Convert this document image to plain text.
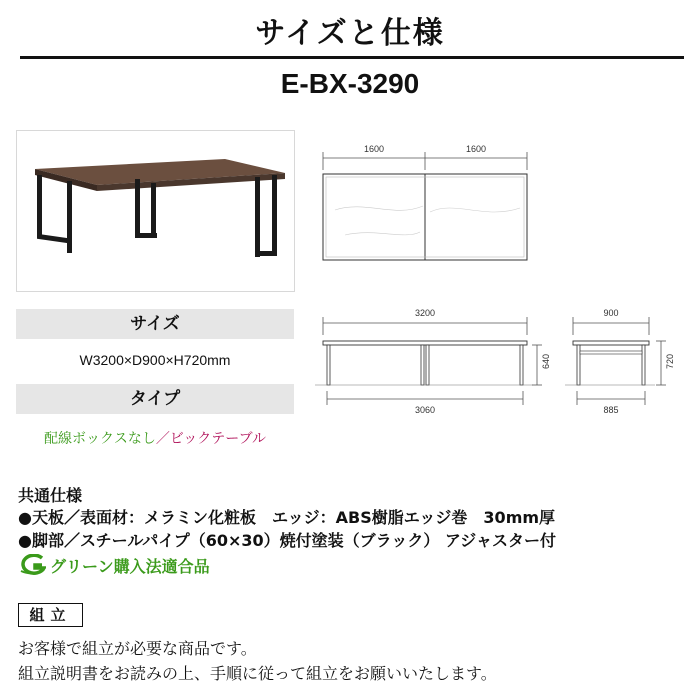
サイズと仕様
E-BX-3290
1600	1600
3200
640
3060
900
720
885
サイズ
W3200×D900×H720mm
タイプ
配線ボックスなし／ビックテーブル
共通仕様
●天板／表面材：メラミン化粧板　エッジ：ABS樹脂エッジ巻　30mm厚
●脚部／スチールパイプ（60×30）焼付塗装（ブラック） アジャスター付
グリーン購入法適合品
組立
お客様で組立が必要な商品です。
組立説明書をお読みの上、手順に従って組立をお願いいたします。
